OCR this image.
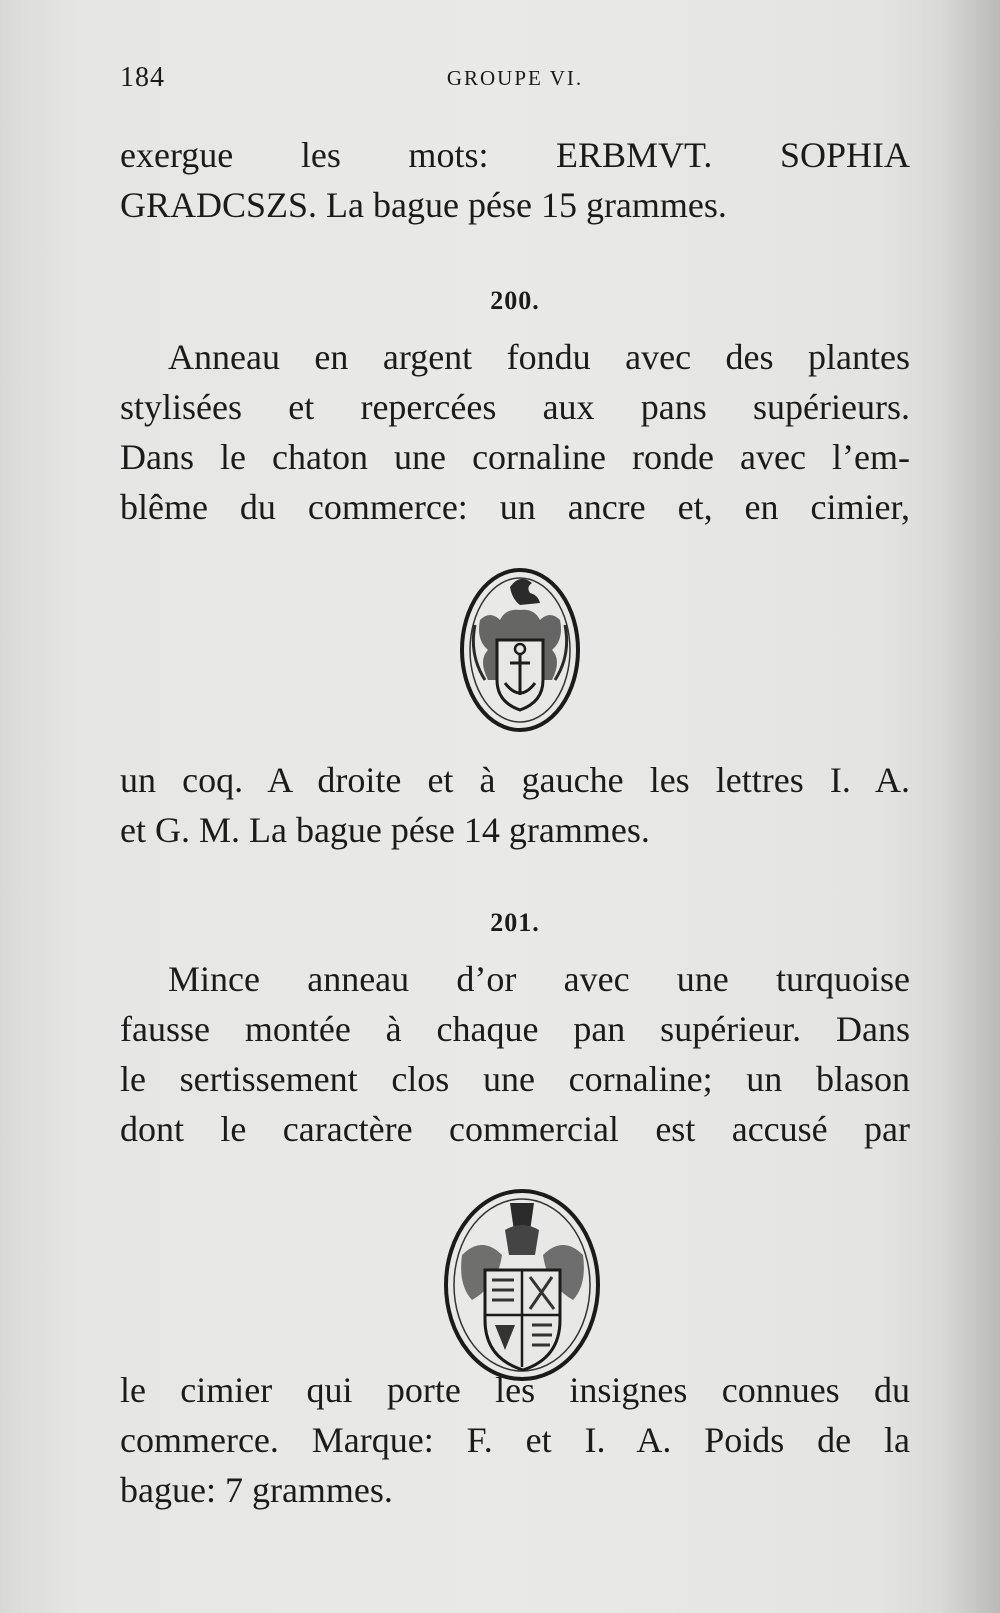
184	GROUPE VI.
exergue les mots: ERBMVT. SOPHIA
GRADCSZS. La bague pése 15 grammes.
200.
Anneau en argent fondu avec des plantes
stylisées et repercées aux pans supérieurs.
Dans le chaton une cornaline ronde avec l’em-
blême du commerce: un ancre et, en cimier,
un coq. A droite et à gauche les lettres I. A.
et G. M. La bague pése 14 grammes.
201.
Mince anneau d’or avec une turquoise
fausse montée à chaque pan supérieur. Dans
le sertissement clos une cornaline; un blason
dont le caractère commercial est accusé par
le cimier qui porte les insignes connues du
commerce. Marque: F. et I. A. Poids de la
bague: 7 grammes.
